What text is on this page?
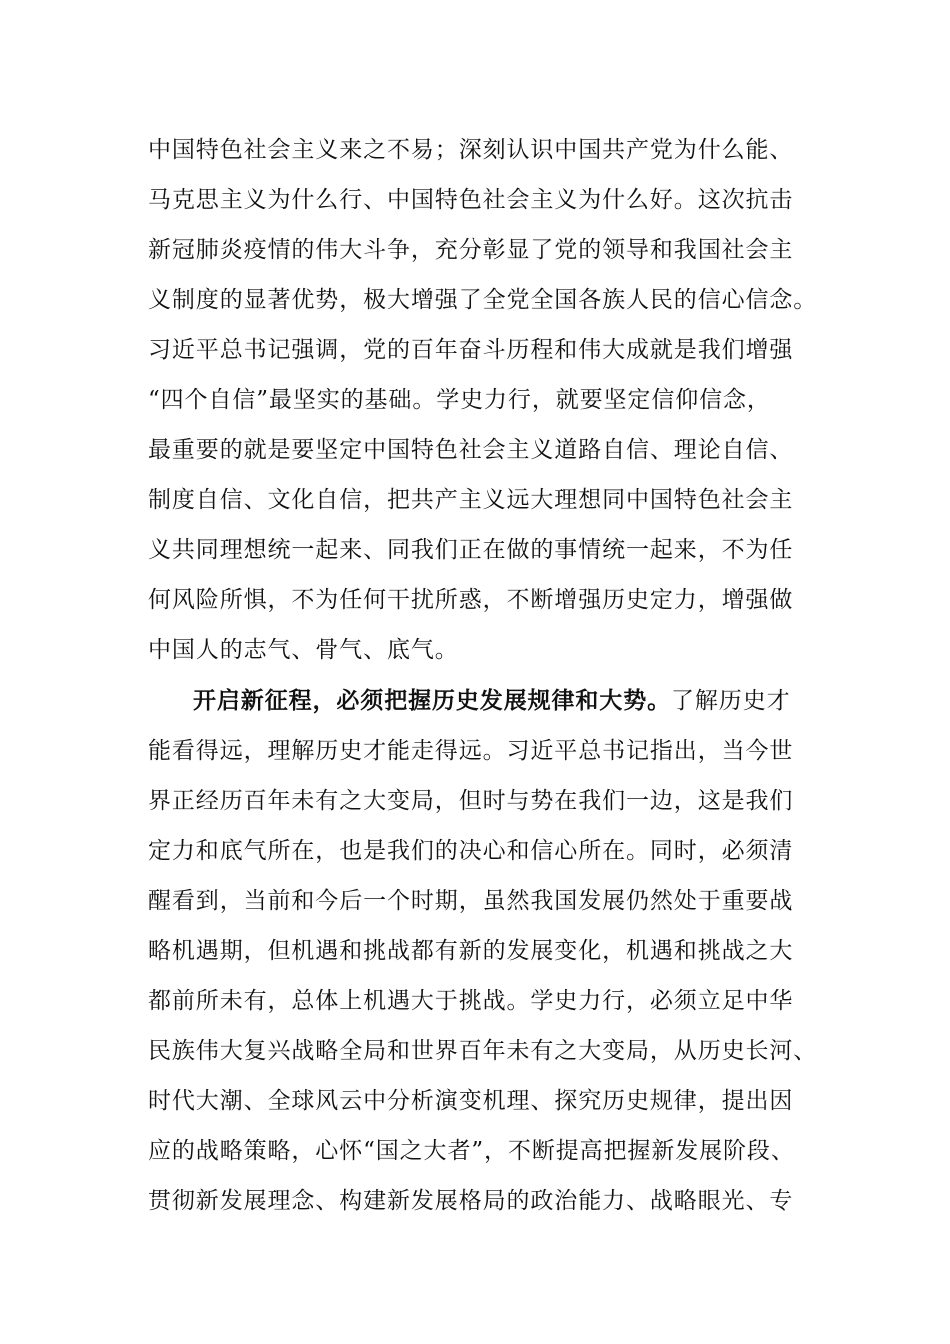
中国特色社会主义来之不易；深刻认识中国共产党为什么能、
马克思主义为什么行、中国特色社会主义为什么好。这次抗击
新冠肺炎疫情的伟大斗争，充分彰显了党的领导和我国社会主
义制度的显著优势，极大增强了全党全国各族人民的信心信念。
习近平总书记强调，党的百年奋斗历程和伟大成就是我们增强
“四个自信”最坚实的基础。学史力行，就要坚定信仰信念，
最重要的就是要坚定中国特色社会主义道路自信、理论自信、
制度自信、文化自信，把共产主义远大理想同中国特色社会主
义共同理想统一起来、同我们正在做的事情统一起来，不为任
何风险所惧，不为任何干扰所惑，不断增强历史定力，增强做
中国人的志气、骨气、底气。
开启新征程，必须把握历史发展规律和大势。了解历史才
能看得远，理解历史才能走得远。习近平总书记指出，当今世
界正经历百年未有之大变局，但时与势在我们一边，这是我们
定力和底气所在，也是我们的决心和信心所在。同时，必须清
醒看到，当前和今后一个时期，虽然我国发展仍然处于重要战
略机遇期，但机遇和挑战都有新的发展变化，机遇和挑战之大
都前所未有，总体上机遇大于挑战。学史力行，必须立足中华
民族伟大复兴战略全局和世界百年未有之大变局，从历史长河、
时代大潮、全球风云中分析演变机理、探究历史规律，提出因
应的战略策略，心怀“国之大者”，不断提高把握新发展阶段、
贯彻新发展理念、构建新发展格局的政治能力、战略眼光、专
